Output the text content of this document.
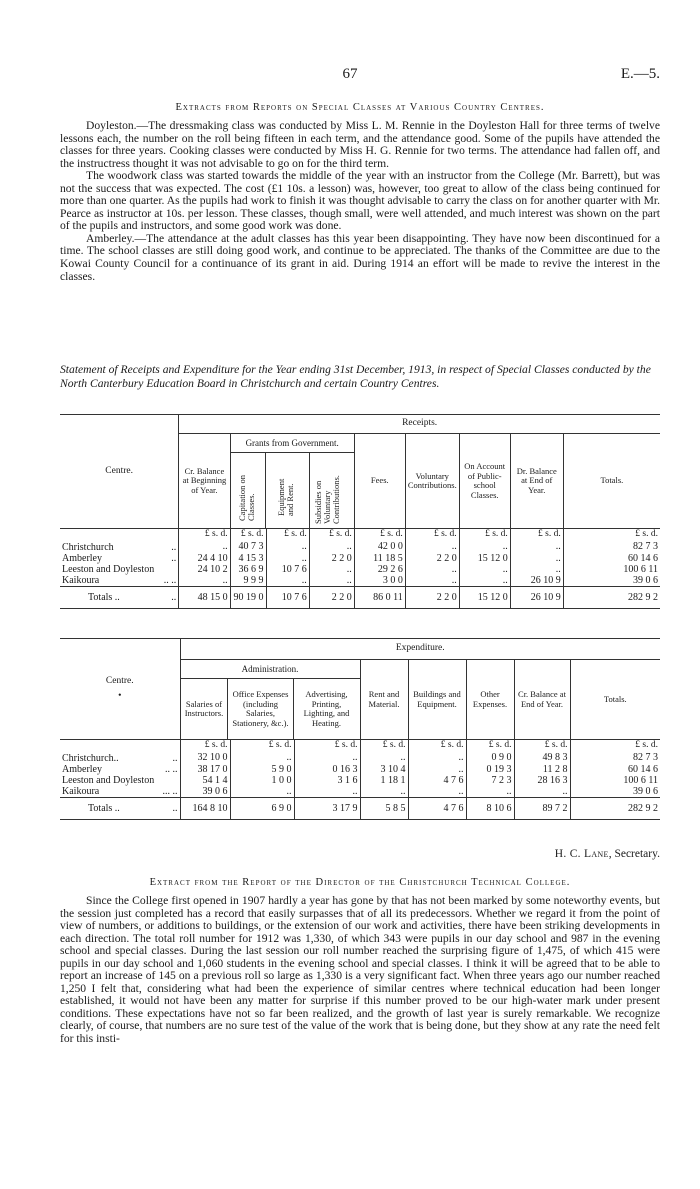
67	E.—5.
Extracts from Reports on Special Classes at Various Country Centres.

Doyleston.—The dressmaking class was conducted by Miss L. M. Rennie in the Doyleston Hall for three terms of twelve lessons each, the number on the roll being fifteen in each term, and the attendance good. Some of the pupils have attended the classes for three years. Cooking classes were conducted by Miss H. G. Rennie for two terms. The attendance had fallen off, and the instructress thought it was not advisable to go on for the third term.

The woodwork class was started towards the middle of the year with an instructor from the College (Mr. Barrett), but was not the success that was expected. The cost (£1 10s. a lesson) was, however, too great to allow of the class being continued for more than one quarter. As the pupils had work to finish it was thought advisable to carry the class on for another quarter with Mr. Pearce as instructor at 10s. per lesson. These classes, though small, were well attended, and much interest was shown on the part of the pupils and instructors, and some good work was done.

Amberley.—The attendance at the adult classes has this year been disappointing. They have now been discontinued for a time. The school classes are still doing good work, and continue to be appreciated. The thanks of the Committee are due to the Kowai County Council for a continuance of its grant in aid. During 1914 an effort will be made to revive the interest in the classes.

Statement of Receipts and Expenditure for the Year ending 31st December, 1913, in respect of Special Classes conducted by the North Canterbury Education Board in Christchurch and certain Country Centres.
Centre.	Receipts.								
	Cr. Balance at Beginning of Year.	Grants from Government.
Capitation on Classes. Equipment and Rent. Subsidies on Voluntary Contributions.			Fees.	Voluntary Contributions.	On Account of Public-school Classes.	Dr. Balance at End of Year.	Totals.
	£ s. d.	£ s. d.	£ s. d.	£ s. d.	£ s. d.	£ s. d.	£ s. d.	£ s. d.	£ s. d.
Christchurch ..	..	40 7 3	..	..	42 0 0	..	..	..	82 7 3
Amberley ..	24 4 10	4 15 3	..	2 2 0	11 18 5	2 2 0	15 12 0	..	60 14 6
Leeston and Doyleston	24 10 2	36 6 9	10 7 6	..	29 2 6	..	..	..	100 6 11
Kaikoura .. ..	..	9 9 9	..	..	3 0 0	..	..	26 10 9	39 0 6
Totals .. ..	48 15 0	90 19 0	10 7 6	2 2 0	86 0 11	2 2 0	15 12 0	26 10 9	282 9 2

Centre.
•	Expenditure.							

	Administration.
Salaries of Instructors.
Office Expenses (including Salaries, Stationery, &c.).
Advertising, Printing, Lighting, and Heating.			Rent and Material.	Buildings and Equipment.	Other Expenses.	Cr. Balance at End of Year.	Totals.
	£ s. d.	£ s. d.	£ s. d.	£ s. d.	£ s. d.	£ s. d.	£ s. d.	£ s. d.
Christchurch.. ..	32 10 0	..	..	..	..	0 9 0	49 8 3	82 7 3
Amberley .. ..	38 17 0	5 9 0	0 16 3	3 10 4	..	0 19 3	11 2 8	60 14 6
Leeston and Doyleston	54 1 4	1 0 0	3 1 6	1 18 1	4 7 6	7 2 3	28 16 3	100 6 11
Kaikoura ... ..	39 0 6	..	..	..	..	..	..	39 0 6
Totals .. ..	164 8 10	6 9 0	3 17 9	5 8 5	4 7 6	8 10 6	89 7 2	282 9 2

H. C. Lane, Secretary.
Extract from the Report of the Director of the Christchurch Technical College.

Since the College first opened in 1907 hardly a year has gone by that has not been marked by some noteworthy events, but the session just completed has a record that easily surpasses that of all its predecessors. Whether we regard it from the point of view of numbers, or additions to buildings, or the extension of our work and activities, there have been striking developments in each direction. The total roll number for 1912 was 1,330, of which 343 were pupils in our day school and 987 in the evening school and special classes. During the last session our roll number reached the surprising figure of 1,475, of which 415 were pupils in our day school and 1,060 students in the evening school and special classes. I think it will be agreed that to be able to report an increase of 145 on a previous roll so large as 1,330 is a very significant fact. When three years ago our number reached 1,250 I felt that, considering what had been the experience of similar centres where technical education had been longer established, it would not have been any matter for surprise if this number proved to be our high-water mark under present conditions. These expectations have not so far been realized, and the growth of last year is surely remarkable. We recognize clearly, of course, that numbers are no sure test of the value of the work that is being done, but they show at any rate the need felt for this insti-
